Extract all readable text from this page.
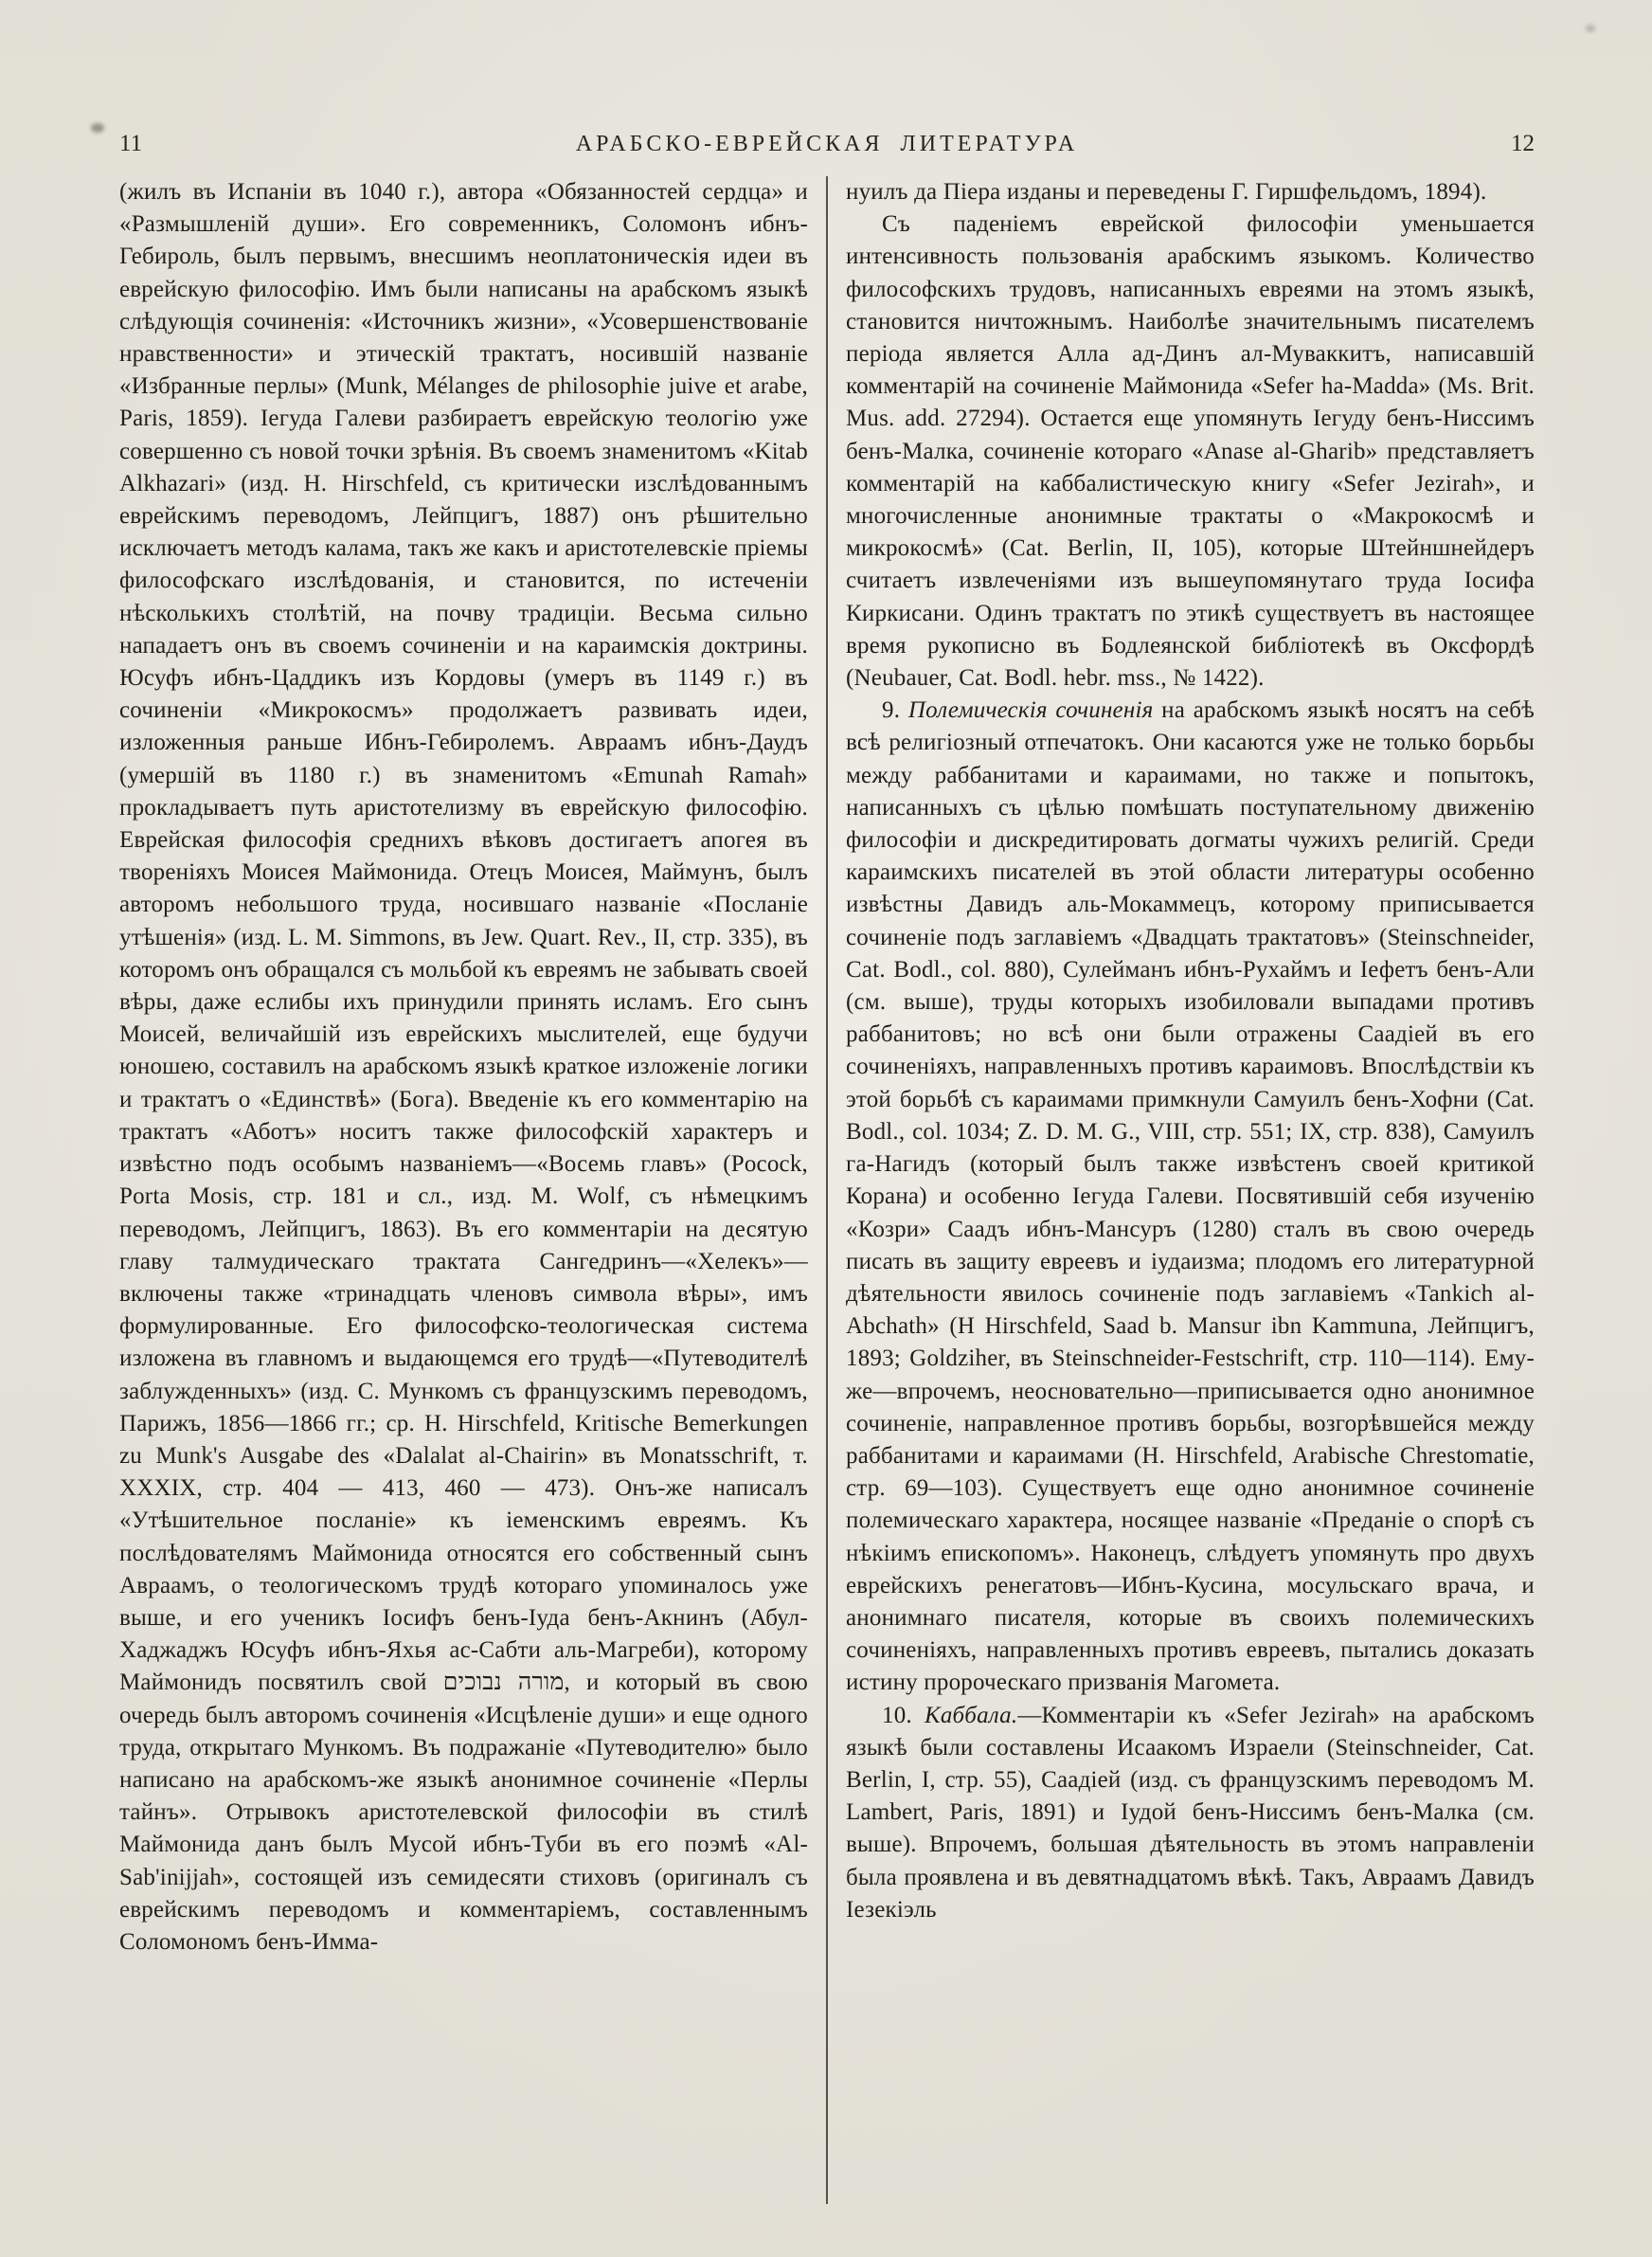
11	АРАБСКО-ЕВРЕЙСКАЯ ЛИТЕРАТУРА	12

(жилъ въ Испаніи въ 1040 г.), автора «Обязанностей сердца» и «Размышленій души». Его современникъ, Соломонъ ибнъ-Гебироль, былъ первымъ, внесшимъ неоплатоническія идеи въ еврейскую философію. Имъ были написаны на арабскомъ языкѣ слѣдующія сочиненія: «Источникъ жизни», «Усовершенствованіе нравственности» и этическій трактатъ, носившій названіе «Избранные перлы» (Munk, Mélanges de philosophie juive et arabe, Paris, 1859). Іегуда Галеви разбираетъ еврейскую теологію уже совершенно съ новой точки зрѣнія. Въ своемъ знаменитомъ «Kitab Alkhazari» (изд. H. Hirschfeld, съ критически изслѣдованнымъ еврейскимъ переводомъ, Лейпцигъ, 1887) онъ рѣшительно исключаетъ методъ калама, такъ же какъ и аристотелевскіе пріемы философскаго изслѣдованія, и становится, по истеченіи нѣсколькихъ столѣтій, на почву традиціи. Весьма сильно нападаетъ онъ въ своемъ сочиненіи и на караимскія доктрины. Юсуфъ ибнъ-Цаддикъ изъ Кордовы (умеръ въ 1149 г.) въ сочиненіи «Микрокосмъ» продолжаетъ развивать идеи, изложенныя раньше Ибнъ-Гебиролемъ. Авраамъ ибнъ-Даудъ (умершій въ 1180 г.) въ знаменитомъ «Emunah Ramah» прокладываетъ путь аристотелизму въ еврейскую философію. Еврейская философія среднихъ вѣковъ достигаетъ апогея въ твореніяхъ Моисея Маймонида. Отецъ Моисея, Маймунъ, былъ авторомъ небольшого труда, носившаго названіе «Посланіе утѣшенія» (изд. L. M. Simmons, въ Jew. Quart. Rev., II, стр. 335), въ которомъ онъ обращался съ мольбой къ евреямъ не забывать своей вѣры, даже еслибы ихъ принудили принять исламъ. Его сынъ Моисей, величайшій изъ еврейскихъ мыслителей, еще будучи юношею, составилъ на арабскомъ языкѣ краткое изложеніе логики и трактатъ о «Единствѣ» (Бога). Введеніе къ его комментарію на трактатъ «Аботъ» носитъ также философскій характеръ и извѣстно подъ особымъ названіемъ—«Восемь главъ» (Pocock, Porta Mosis, стр. 181 и сл., изд. M. Wolf, съ нѣмецкимъ переводомъ, Лейпцигъ, 1863). Въ его комментаріи на десятую главу талмудическаго трактата Сангедринъ—«Хелекъ»—включены также «тринадцать членовъ символа вѣры», имъ формулированные. Его философско-теологическая система изложена въ главномъ и выдающемся его трудѣ—«Путеводителѣ заблужденныхъ» (изд. С. Мункомъ съ французскимъ переводомъ, Парижъ, 1856—1866 гг.; ср. H. Hirschfeld, Kritische Bemerkungen zu Munk's Ausgabe des «Dalalat al-Chairin» въ Monatsschrift, т. XXXIX, стр. 404 — 413, 460 — 473). Онъ-же написалъ «Утѣшительное посланіе» къ іеменскимъ евреямъ. Къ послѣдователямъ Маймонида относятся его собственный сынъ Авраамъ, о теологическомъ трудѣ котораго упоминалось уже выше, и его ученикъ Іосифъ бенъ-Іуда бенъ-Акнинъ (Абул-Хаджаджъ Юсуфъ ибнъ-Яхья ас-Сабти аль-Магреби), которому Маймонидъ посвятилъ свой מורה נבוכים, и который въ свою очередь былъ авторомъ сочиненія «Исцѣленіе души» и еще одного труда, открытаго Мункомъ. Въ подражаніе «Путеводителю» было написано на арабскомъ-же языкѣ анонимное сочиненіе «Перлы тайнъ». Отрывокъ аристотелевской философіи въ стилѣ Маймонида данъ былъ Мусой ибнъ-Туби въ его поэмѣ «Al-Sab'inijjah», состоящей изъ семидесяти стиховъ (оригиналъ съ еврейскимъ переводомъ и комментаріемъ, составленнымъ Соломономъ бенъ-Имма-

нуилъ да Піера изданы и переведены Г. Гиршфельдомъ, 1894).

Съ паденіемъ еврейской философіи уменьшается интенсивность пользованія арабскимъ языкомъ. Количество философскихъ трудовъ, написанныхъ евреями на этомъ языкѣ, становится ничтожнымъ. Наиболѣе значительнымъ писателемъ періода является Алла ад-Динъ ал-Муваккитъ, написавшій комментарій на сочиненіе Маймонида «Sefer ha-Madda» (Ms. Brit. Mus. add. 27294). Остается еще упомянуть Іегуду бенъ-Ниссимъ бенъ-Малка, сочиненіе котораго «Anase al-Gharib» представляетъ комментарій на каббалистическую книгу «Sefer Jezirah», и многочисленные анонимные трактаты о «Макрокосмѣ и микрокосмѣ» (Cat. Berlin, II, 105), которые Штейншнейдеръ считаетъ извлеченіями изъ вышеупомянутаго труда Іосифа Киркисани. Одинъ трактатъ по этикѣ существуетъ въ настоящее время рукописно въ Бодлеянской библіотекѣ въ Оксфордѣ (Neubauer, Cat. Bodl. hebr. mss., № 1422).

9. Полемическія сочиненія на арабскомъ языкѣ носятъ на себѣ всѣ религіозный отпечатокъ. Они касаются уже не только борьбы между раббанитами и караимами, но также и попытокъ, написанныхъ съ цѣлью помѣшать поступательному движенію философіи и дискредитировать догматы чужихъ религій. Среди караимскихъ писателей въ этой области литературы особенно извѣстны Давидъ аль-Мокаммецъ, которому приписывается сочиненіе подъ заглавіемъ «Двадцать трактатовъ» (Steinschneider, Cat. Bodl., col. 880), Сулейманъ ибнъ-Рухаймъ и Іефетъ бенъ-Али (см. выше), труды которыхъ изобиловали выпадами противъ раббанитовъ; но всѣ они были отражены Саадіей въ его сочиненіяхъ, направленныхъ противъ караимовъ. Впослѣдствіи къ этой борьбѣ съ караимами примкнули Самуилъ бенъ-Хофни (Cat. Bodl., col. 1034; Z. D. M. G., VIII, стр. 551; IX, стр. 838), Самуилъ га-Нагидъ (который былъ также извѣстенъ своей критикой Корана) и особенно Іегуда Галеви. Посвятившій себя изученію «Козри» Саадъ ибнъ-Мансуръ (1280) сталъ въ свою очередь писать въ защиту евреевъ и іудаизма; плодомъ его литературной дѣятельности явилось сочиненіе подъ заглавіемъ «Tankich al-Abchath» (H Hirschfeld, Saad b. Mansur ibn Kammuna, Лейпцигъ, 1893; Goldziher, въ Steinschneider-Festschrift, стр. 110—114). Ему-же—впрочемъ, неосновательно—приписывается одно анонимное сочиненіе, направленное противъ борьбы, возгорѣвшейся между раббанитами и караимами (H. Hirschfeld, Arabische Chrestomatie, стр. 69—103). Существуетъ еще одно анонимное сочиненіе полемическаго характера, носящее названіе «Преданіе о спорѣ съ нѣкіимъ епископомъ». Наконецъ, слѣдуетъ упомянуть про двухъ еврейскихъ ренегатовъ—Ибнъ-Кусина, мосульскаго врача, и анонимнаго писателя, которые въ своихъ полемическихъ сочиненіяхъ, направленныхъ противъ евреевъ, пытались доказать истину пророческаго призванія Магомета.

10. Каббала.—Комментаріи къ «Sefer Jezirah» на арабскомъ языкѣ были составлены Исаакомъ Израели (Steinschneider, Cat. Berlin, I, стр. 55), Саадіей (изд. съ французскимъ переводомъ M. Lambert, Paris, 1891) и Іудой бенъ-Ниссимъ бенъ-Малка (см. выше). Впрочемъ, большая дѣятельность въ этомъ направленіи была проявлена и въ девятнадцатомъ вѣкѣ. Такъ, Авраамъ Давидъ Іезекіэль
